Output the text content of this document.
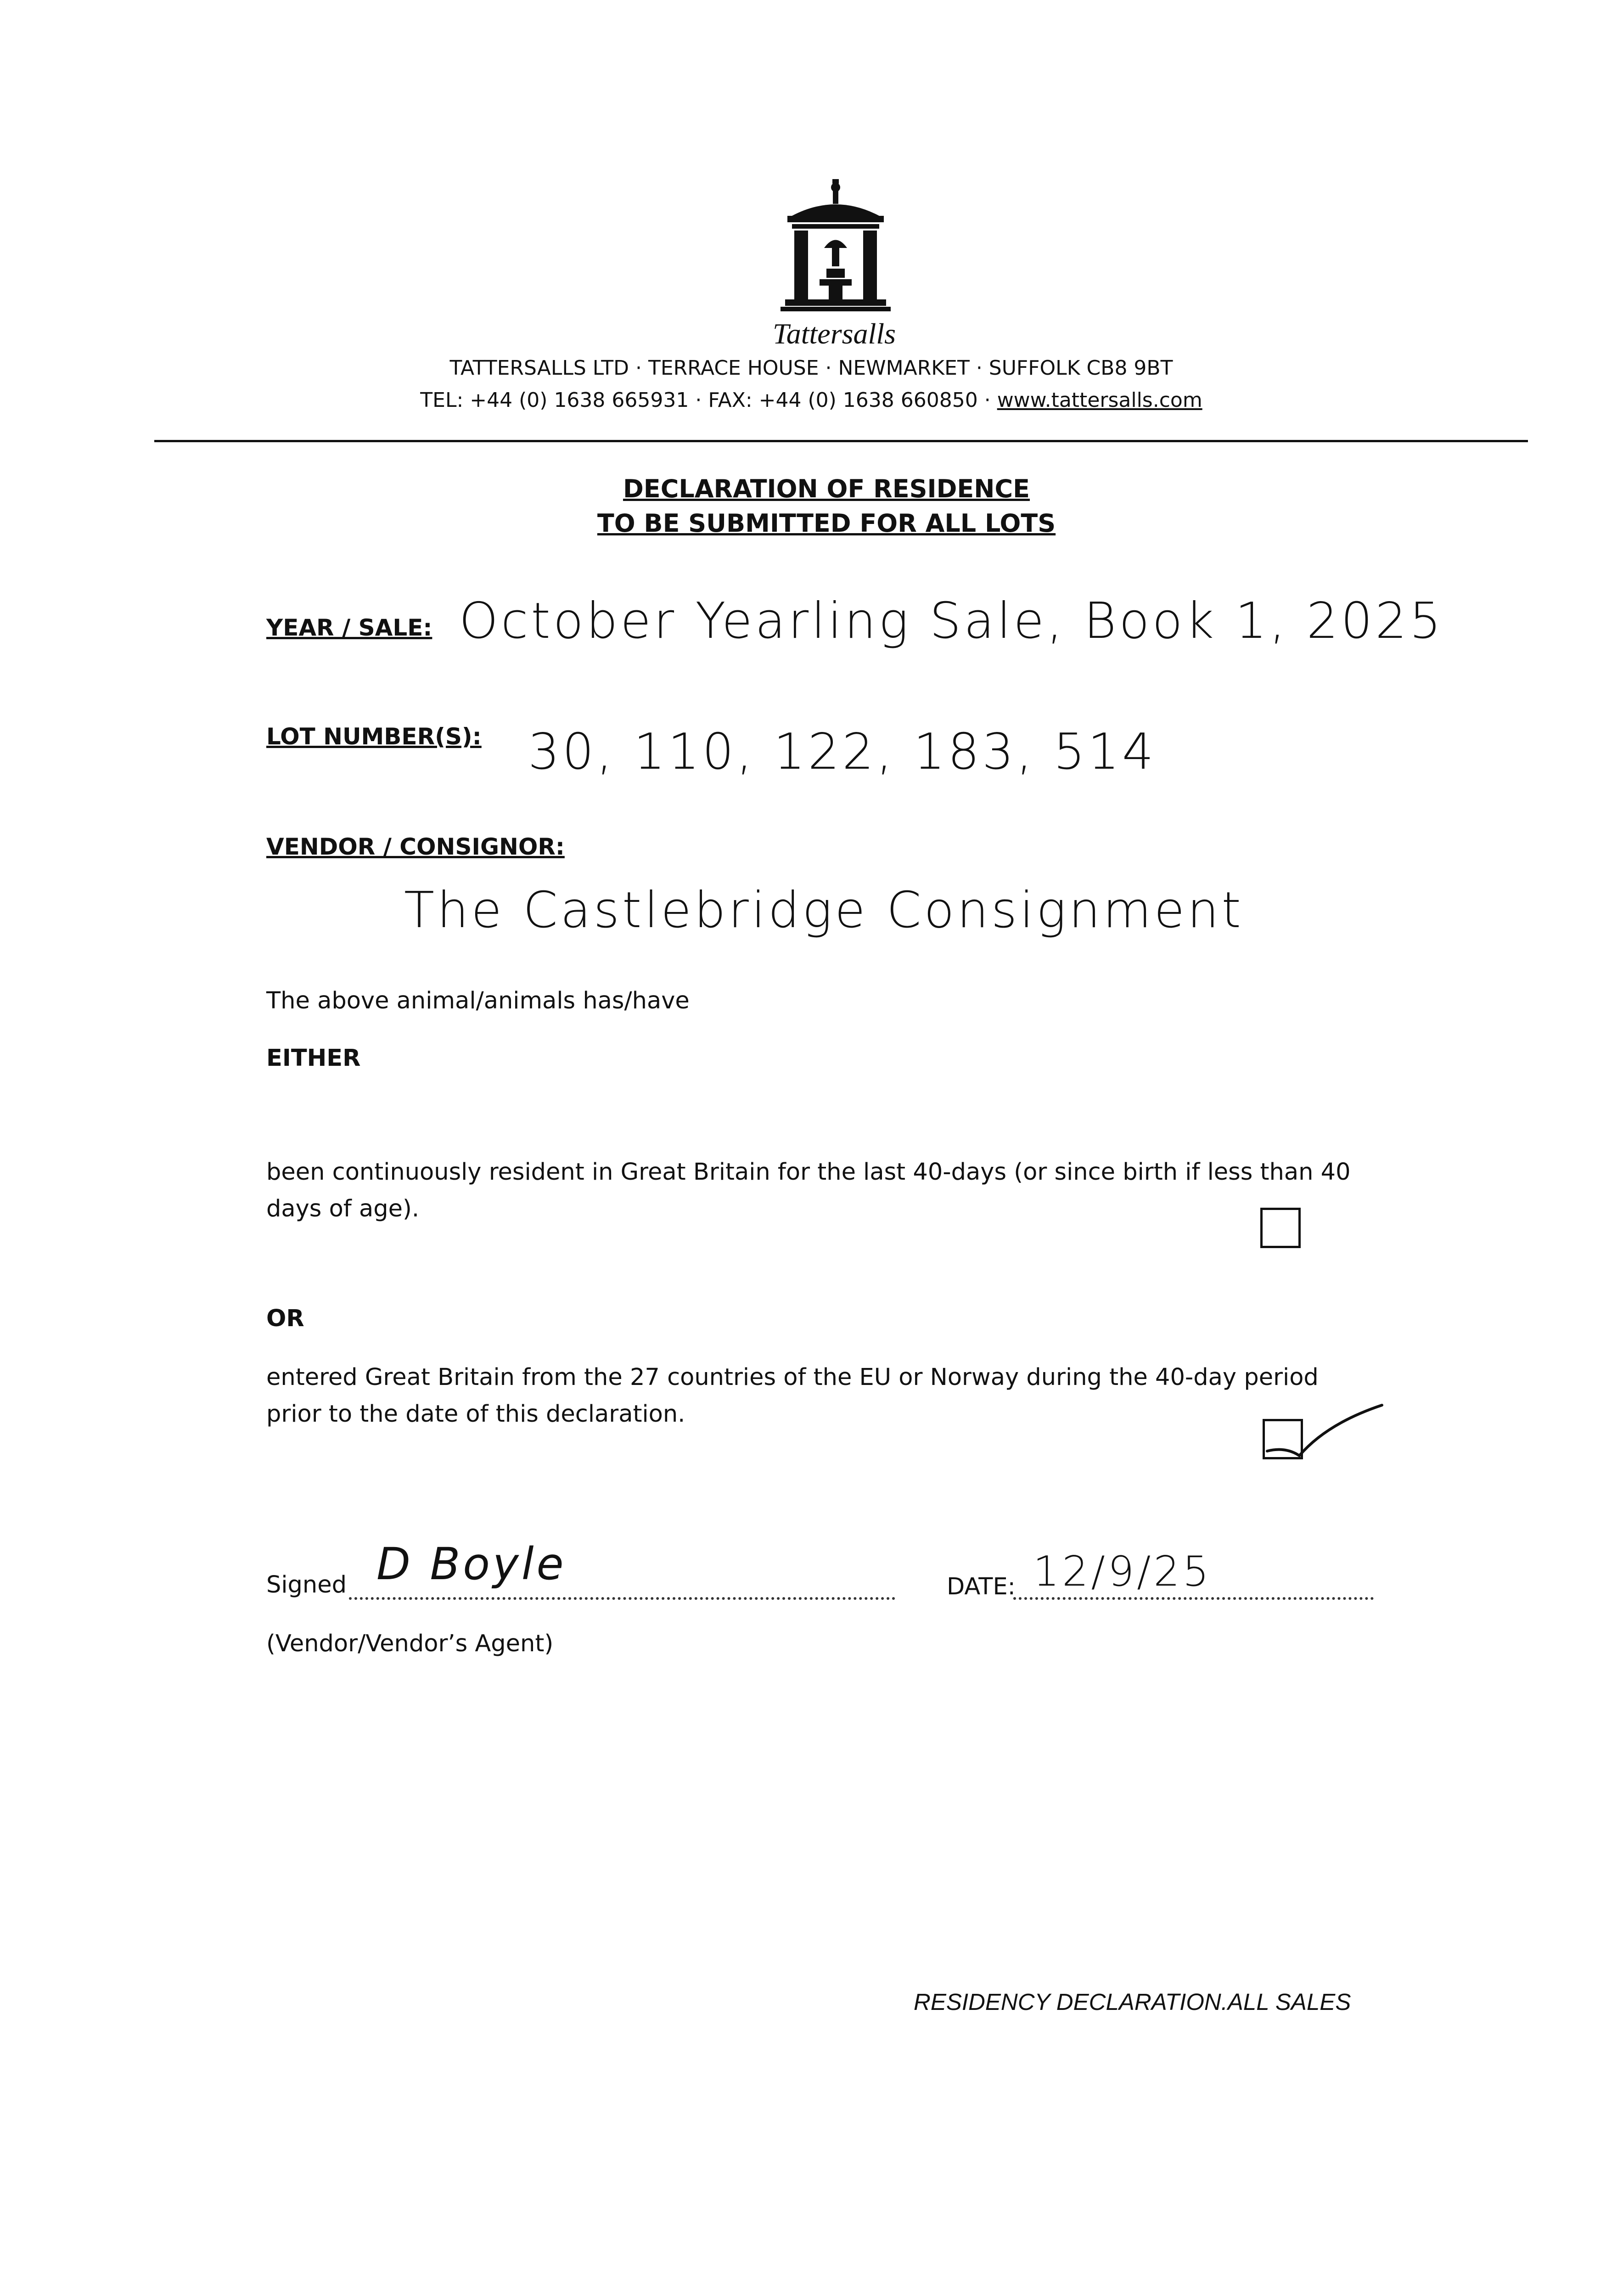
Tattersalls
TATTERSALLS LTD · TERRACE HOUSE · NEWMARKET · SUFFOLK CB8 9BT
TEL: +44 (0) 1638 665931 · FAX: +44 (0) 1638 660850 · www.tattersalls.com
DECLARATION OF RESIDENCE
TO BE SUBMITTED FOR ALL LOTS
YEAR / SALE: October Yearling Sale, Book 1, 2025
LOT NUMBER(S): 30, 110, 122, 183, 514
VENDOR / CONSIGNOR:
The Castlebridge Consignment
The above animal/animals has/have
EITHER
been continuously resident in Great Britain for the last 40-days (or since birth if less than 40
days of age).
OR
entered Great Britain from the 27 countries of the EU or Norway during the 40-day period
prior to the date of this declaration.
Signed D Boyle	DATE: 12/9/25
(Vendor/Vendor’s Agent)
RESIDENCY DECLARATION.ALL SALES
